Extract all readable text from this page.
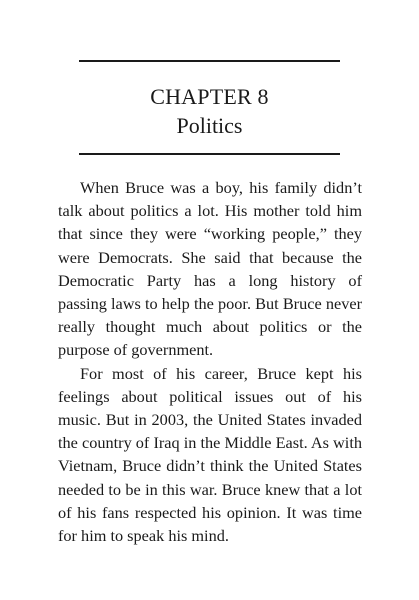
CHAPTER 8
Politics

When Bruce was a boy, his family didn’t talk about politics a lot. His mother told him that since they were “working people,” they were Democrats. She said that because the Democratic Party has a long history of passing laws to help the poor. But Bruce never really thought much about politics or the purpose of government.

For most of his career, Bruce kept his feelings about political issues out of his music. But in 2003, the United States invaded the country of Iraq in the Middle East. As with Vietnam, Bruce didn’t think the United States needed to be in this war. Bruce knew that a lot of his fans respected his opinion. It was time for him to speak his mind.
